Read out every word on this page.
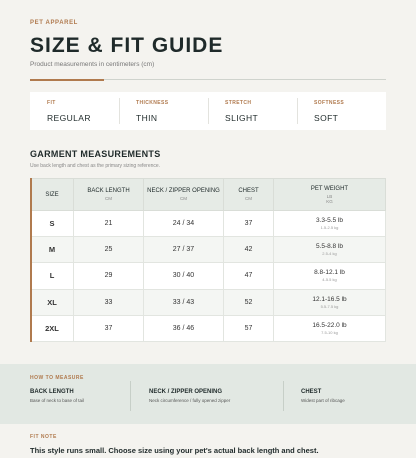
PET APPAREL
SIZE & FIT GUIDE
Product measurements in centimeters (cm)
FIT
REGULAR
THICKNESS
THIN
STRETCH
SLIGHT
SOFTNESS
SOFT
GARMENT MEASUREMENTS
Use back length and chest as the primary sizing reference.
SIZE	BACK LENGTH
CM	NECK / ZIPPER OPENING
CM	CHEST
CM	PET WEIGHT
LB
KG

S	21	24 / 34	37	3.3-5.5 lb
1.5-2.5 kg

M	25	27 / 37	42	5.5-8.8 lb
2.5-4 kg

L	29	30 / 40	47	8.8-12.1 lb
4-5.5 kg

XL	33	33 / 43	52	12.1-16.5 lb
5.5-7.5 kg

2XL	37	36 / 46	57	16.5-22.0 lb
7.5-10 kg
HOW TO MEASURE
BACK LENGTH
Base of neck to base of tail
NECK / ZIPPER OPENING
Neck circumference / fully opened zipper
CHEST
Widest part of ribcage
FIT NOTE
This style runs small. Choose size using your pet's actual back length and chest.
